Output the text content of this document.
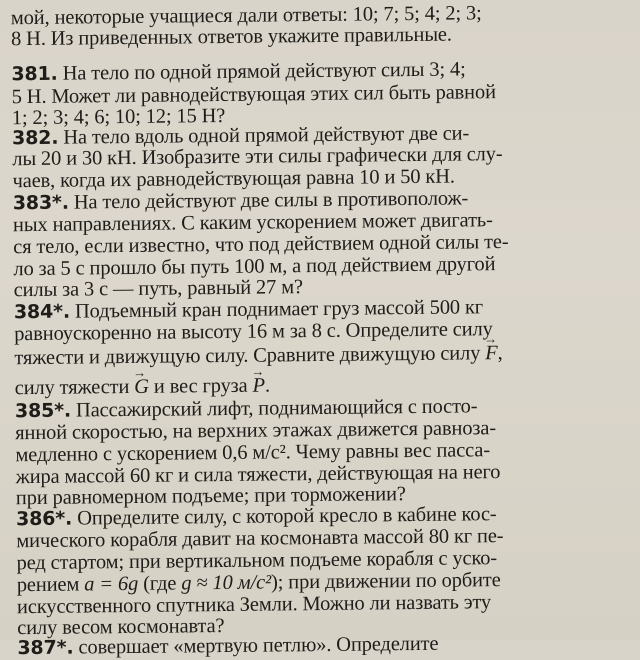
мой, некоторые учащиеся дали ответы: 10; 7; 5; 4; 2; 3;
8 Н. Из приведенных ответов укажите правильные.
381. На тело по одной прямой действуют силы 3; 4;
5 Н. Может ли равнодействующая этих сил быть равной
1; 2; 3; 4; 6; 10; 12; 15 Н?
382. На тело вдоль одной прямой действуют две си-
лы 20 и 30 кН. Изобразите эти силы графически для слу-
чаев, когда их равнодействующая равна 10 и 50 кН.
383*. На тело действуют две силы в противополож-
ных направлениях. С каким ускорением может двигать-
ся тело, если известно, что под действием одной силы те-
ло за 5 с прошло бы путь 100 м, а под действием другой
силы за 3 с — путь, равный 27 м?
384*. Подъемный кран поднимает груз массой 500 кг
равноускоренно на высоту 16 м за 8 с. Определите силу
тяжести и движущую силу. Сравните движущую силу → F,
силу тяжести → G и вес груза → P.
385*. Пассажирский лифт, поднимающийся с посто-
янной скоростью, на верхних этажах движется равноза-
медленно с ускорением 0,6 м/с². Чему равны вес пасса-
жира массой 60 кг и сила тяжести, действующая на него
при равномерном подъеме; при торможении?
386*. Определите силу, с которой кресло в кабине кос-
мического корабля давит на космонавта массой 80 кг пе-
ред стартом; при вертикальном подъеме корабля с уско-
рением a = 6g (где g ≈ 10 м/с²); при движении по орбите
искусственного спутника Земли. Можно ли назвать эту
силу весом космонавта?
387*. совершает «мертвую петлю». Определите
